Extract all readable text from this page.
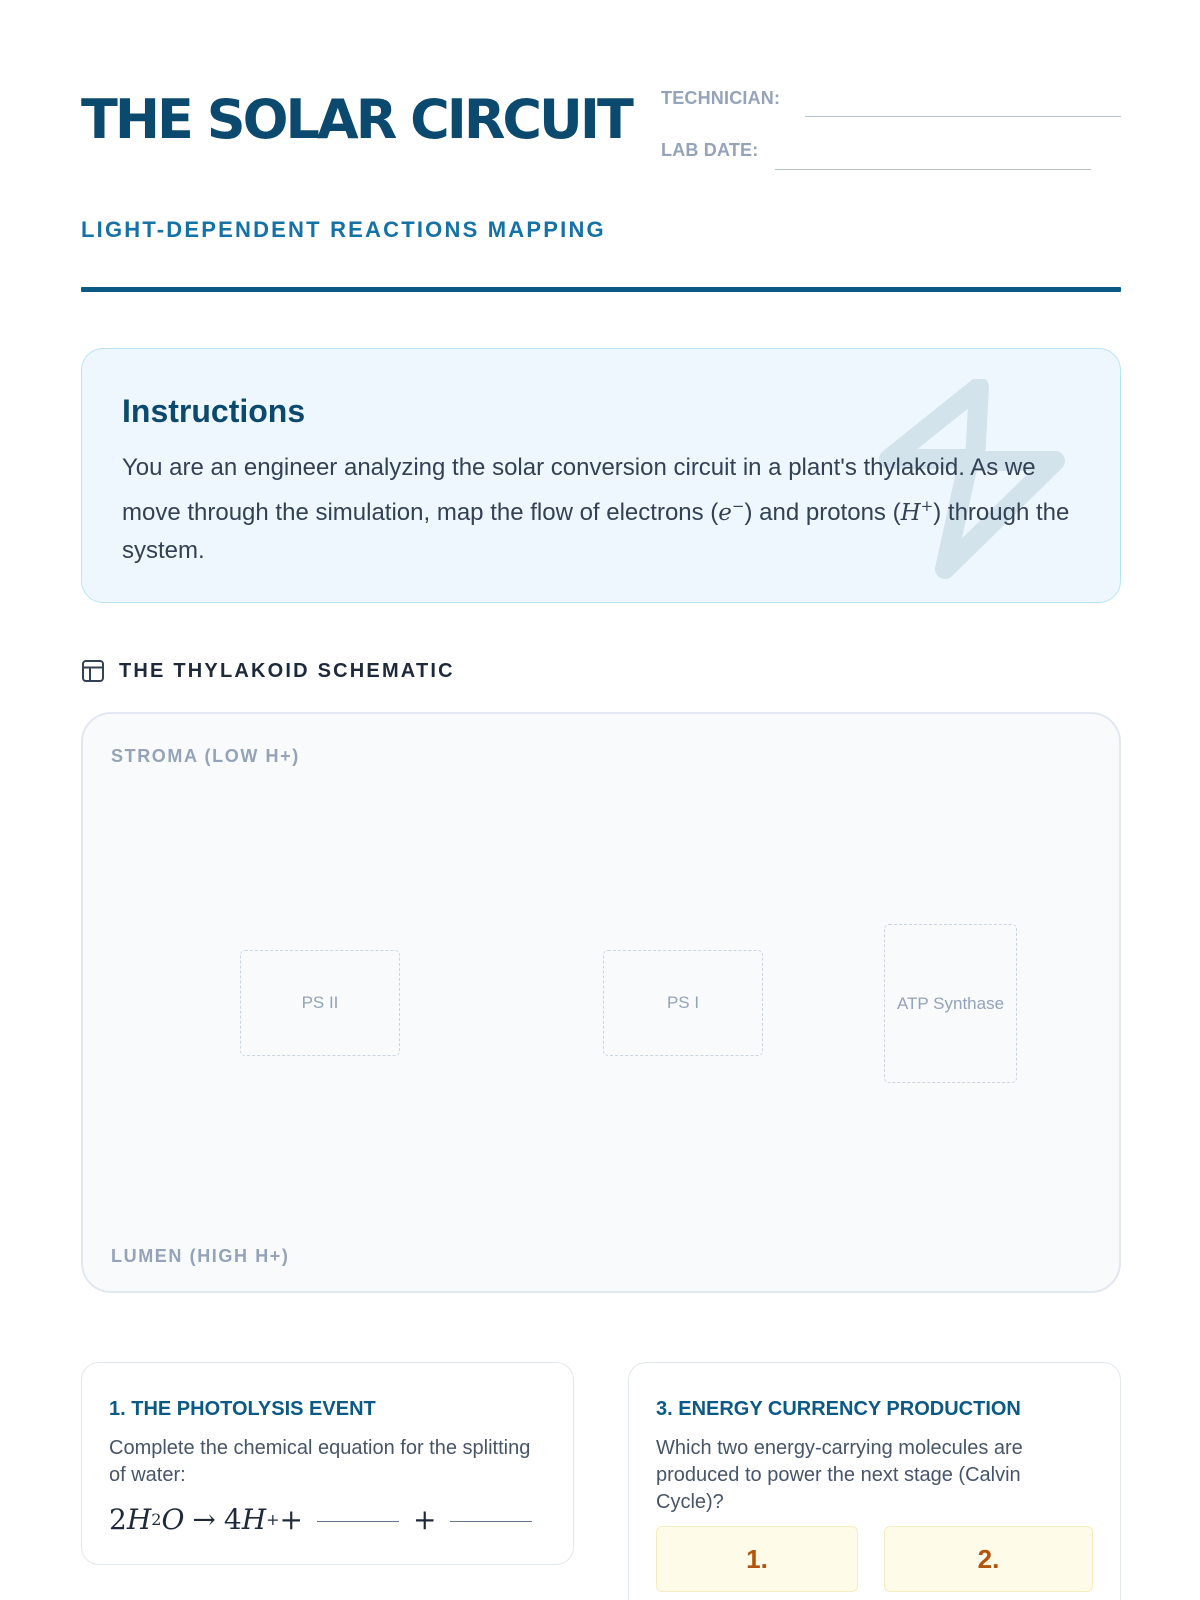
THE SOLAR CIRCUIT
LIGHT-DEPENDENT REACTIONS MAPPING
TECHNICIAN:
LAB DATE:
Instructions

You are an engineer analyzing the solar conversion circuit in a plant's thylakoid. As we move through the simulation, map the flow of electrons (e−) and protons (H+) through the system.

THE THYLAKOID SCHEMATIC
STROMA (LOW H+)
PS II	PS I	ATP Synthase
LUMEN (HIGH H+)
1. THE PHOTOLYSIS EVENT
Complete the chemical equation for the splitting of water:
2 H 2 O → 4 H + +	+
3. ENERGY CURRENCY PRODUCTION
Which two energy-carrying molecules are produced to power the next stage (Calvin Cycle)?
1.	2.
